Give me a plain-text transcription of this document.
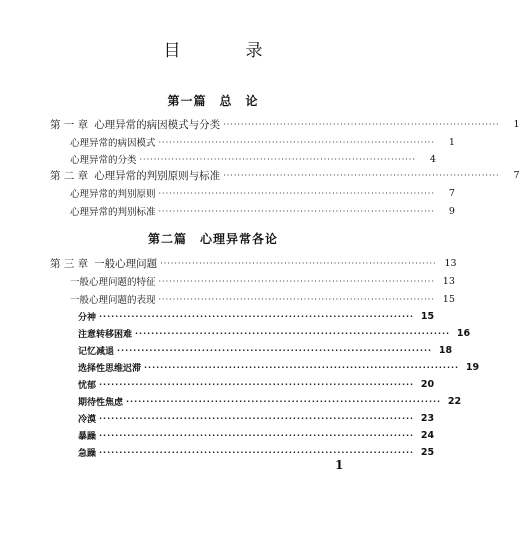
目　录
第一篇　总　论
第 一 章 心理异常的病因模式与分类 ··············································································	1
心理异常的病因模式 ··············································································	1
心理异常的分类 ··············································································	4
第 二 章 心理异常的判别原则与标准 ··············································································	7
心理异常的判别原则 ··············································································	7
心理异常的判别标准 ··············································································	9
第二篇　心理异常各论
第 三 章 一般心理问题 ·············································································· 13
一般心理问题的特征 ·············································································· 13
一般心理问题的表现 ·············································································· 15
分神 ·············································································· 15
注意转移困难 ·············································································· 16
记忆减退 ·············································································· 18
选择性思维迟滞 ·············································································· 19
忧郁 ·············································································· 20
期待性焦虑 ·············································································· 22
冷漠 ·············································································· 23
暴躁 ·············································································· 24
急躁 ·············································································· 25
1
